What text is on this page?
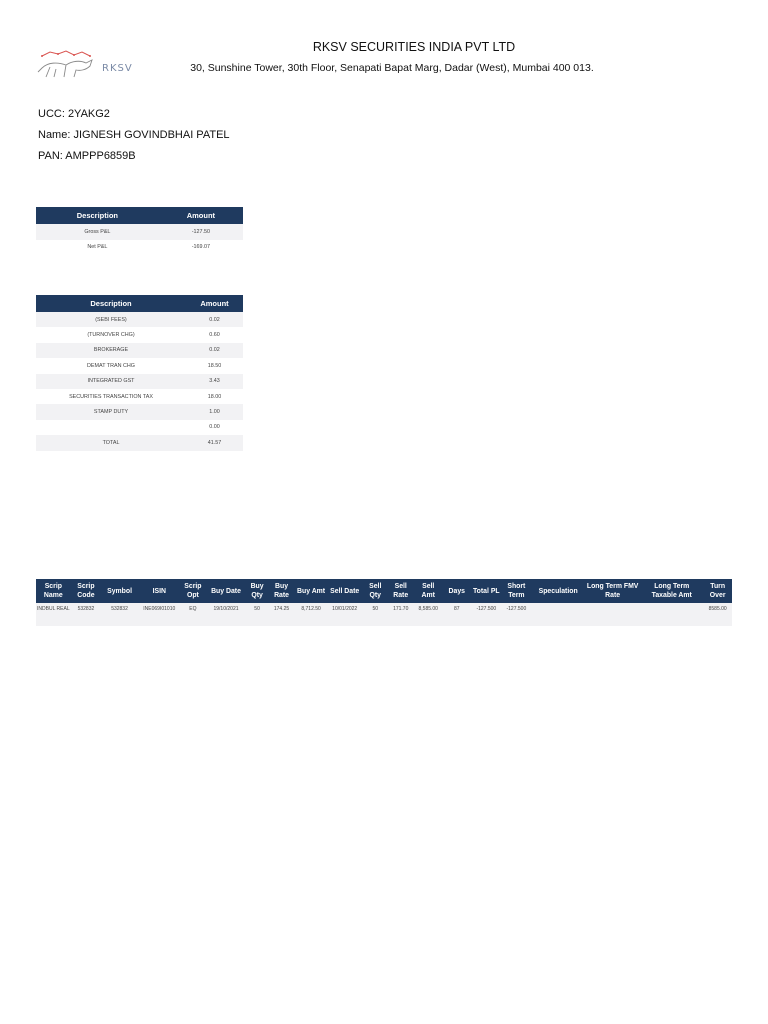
RKSV
RKSV SECURITIES INDIA PVT LTD
30, Sunshine Tower, 30th Floor, Senapati Bapat Marg, Dadar (West), Mumbai 400 013.
UCC: 2YAKG2
Name: JIGNESH GOVINDBHAI PATEL
PAN: AMPPP6859B
Description	Amount
Gross P&L	-127.50
Net P&L	-169.07
Description	Amount
(SEBI FEES)	0.02
(TURNOVER CHG)	0.60
BROKERAGE	0.02
DEMAT TRAN CHG	18.50
INTEGRATED GST	3.43
SECURITIES TRANSACTION TAX	18.00
STAMP DUTY	1.00
	0.00
TOTAL	41.57
Scrip Name	Scrip Code	Symbol	ISIN	Scrip Opt	Buy Date	Buy Qty	Buy Rate	Buy Amt	Sell Date	Sell Qty	Sell Rate	Sell Amt	Days	Total PL	Short Term	Speculation	Long Term FMV Rate	Long Term Taxable Amt	Turn Over
INDBUL REAL	532832	532832	INE069I01010	EQ	19/10/2021	50	174.25	8,712.50	10/01/2022	50	171.70	8,585.00	87	-127.500	-127.500				8585.00
